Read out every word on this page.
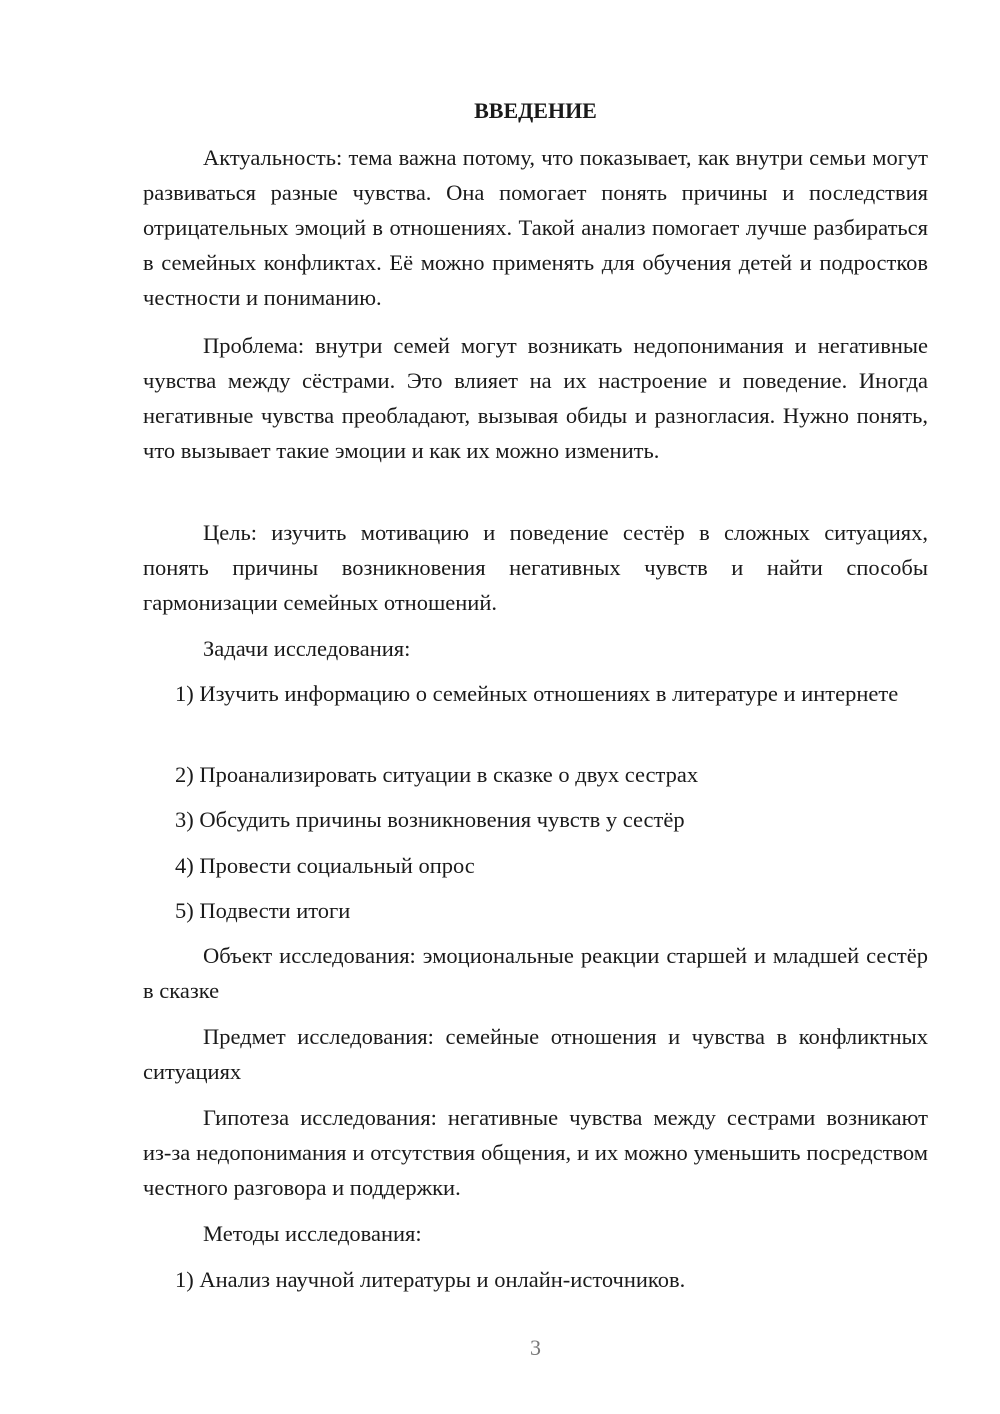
ВВЕДЕНИЕ

Актуальность: тема важна потому, что показывает, как внутри семьи могут развиваться разные чувства. Она помогает понять причины и последствия отрицательных эмоций в отношениях. Такой анализ помогает лучше разбираться в семейных конфликтах. Её можно применять для обучения детей и подростков честности и пониманию.

Проблема: внутри семей могут возникать недопонимания и негативные чувства между сёстрами. Это влияет на их настроение и поведение. Иногда негативные чувства преобладают, вызывая обиды и разногласия. Нужно понять, что вызывает такие эмоции и как их можно изменить.

Цель: изучить мотивацию и поведение сестёр в сложных ситуациях, понять причины возникновения негативных чувств и найти способы гармонизации семейных отношений.

Задачи исследования:

1) Изучить информацию о семейных отношениях в литературе и интернете

2) Проанализировать ситуации в сказке о двух сестрах

3) Обсудить причины возникновения чувств у сестёр

4) Провести социальный опрос

5) Подвести итоги

Объект исследования: эмоциональные реакции старшей и младшей сестёр в сказке

Предмет исследования: семейные отношения и чувства в конфликтных ситуациях

Гипотеза исследования: негативные чувства между сестрами возникают из-за недопонимания и отсутствия общения, и их можно уменьшить посредством честного разговора и поддержки.

Методы исследования:

1) Анализ научной литературы и онлайн-источников.

3
